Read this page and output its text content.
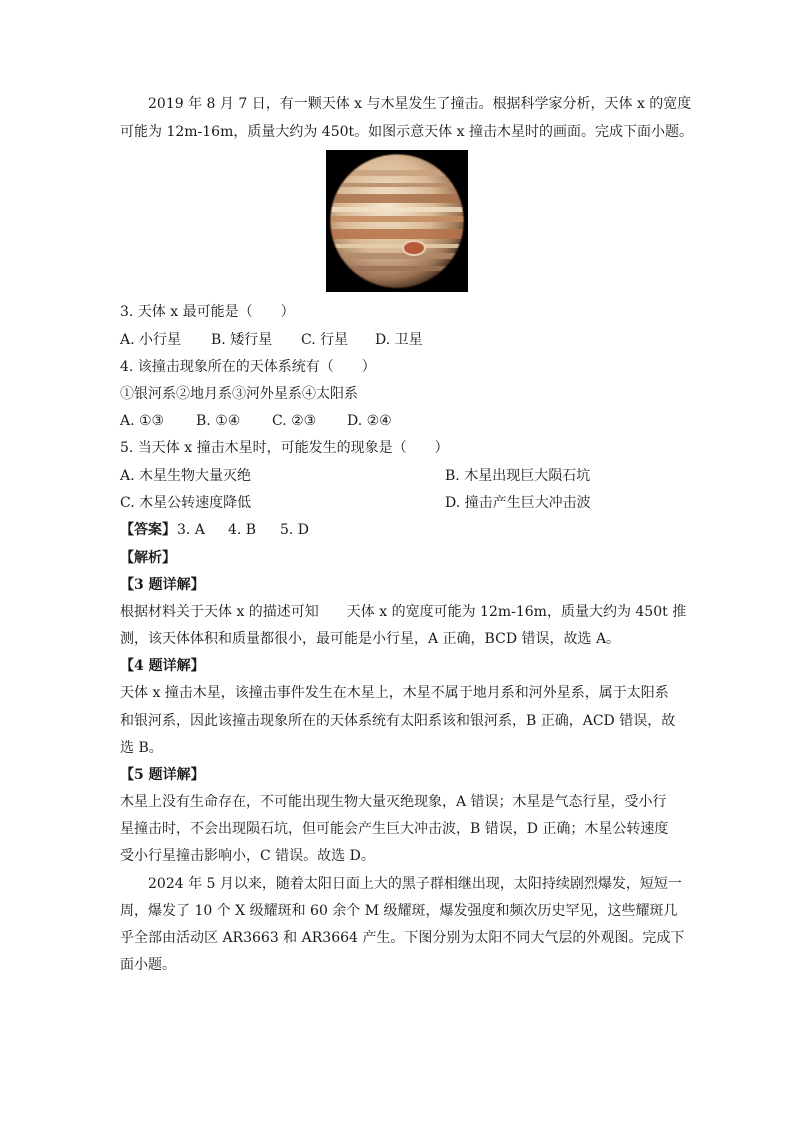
2019 年 8 月 7 日，有一颗天体 x 与木星发生了撞击。根据科学家分析，天体 x 的宽度
可能为 12m-16m，质量大约为 450t。如图示意天体 x 撞击木星时的画面。完成下面小题。
3. 天体 x 最可能是（　　）
A. 小行星 B. 矮行星 C. 行星 D. 卫星
4. 该撞击现象所在的天体系统有（　　）
①银河系②地月系③河外星系④太阳系
A. ①③ B. ①④ C. ②③ D. ②④
5. 当天体 x 撞击木星时，可能发生的现象是（　　）
A. 木星生物大量灭绝	B. 木星出现巨大陨石坑
C. 木星公转速度降低	D. 撞击产生巨大冲击波
【答案】 3. A 4. B 5. D
【解析】
【3 题详解】
根据材料关于天体 x 的描述可知　　天体 x 的宽度可能为 12m-16m，质量大约为 450t 推
测，该天体体积和质量都很小，最可能是小行星，A 正确，BCD 错误，故选 A。
【4 题详解】
天体 x 撞击木星，该撞击事件发生在木星上，木星不属于地月系和河外星系，属于太阳系
和银河系，因此该撞击现象所在的天体系统有太阳系该和银河系，B 正确，ACD 错误，故
选 B。
【5 题详解】
木星上没有生命存在，不可能出现生物大量灭绝现象，A 错误；木星是气态行星，受小行
星撞击时，不会出现陨石坑，但可能会产生巨大冲击波，B 错误，D 正确；木星公转速度
受小行星撞击影响小，C 错误。故选 D。
2024 年 5 月以来，随着太阳日面上大的黑子群相继出现，太阳持续剧烈爆发，短短一
周，爆发了 10 个 X 级耀斑和 60 余个 M 级耀斑，爆发强度和频次历史罕见，这些耀斑几
乎全部由活动区 AR3663 和 AR3664 产生。下图分别为太阳不同大气层的外观图。完成下
面小题。
